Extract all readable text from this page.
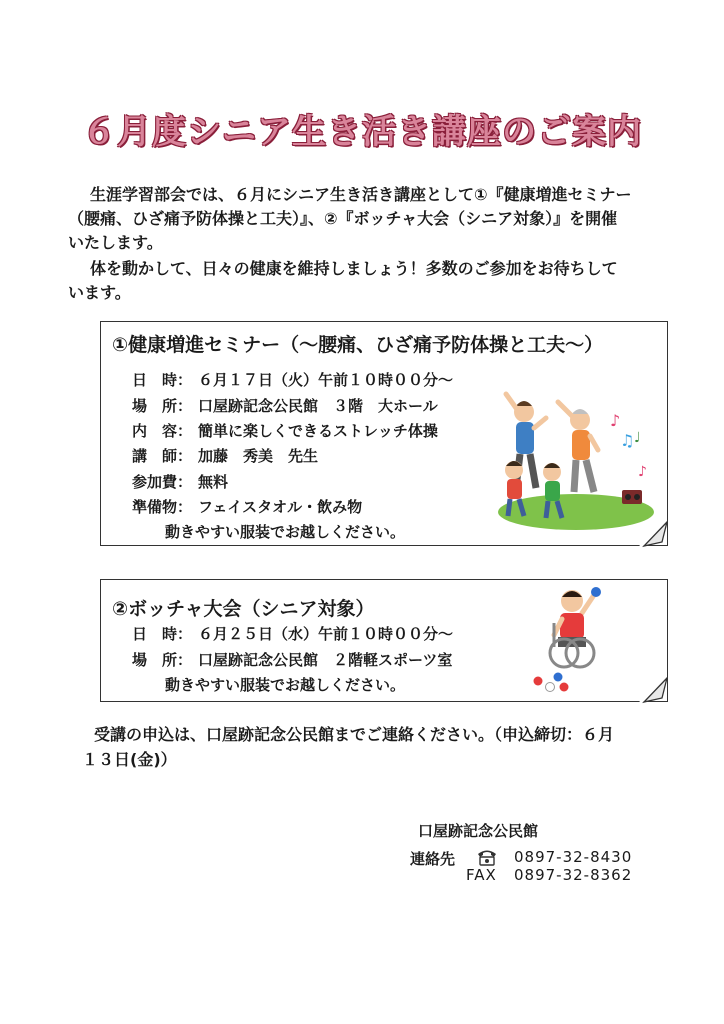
６月度シニア生き活き講座のご案内
生涯学習部会では、６月にシニア生き活き講座として①『健康増進セミナー
（腰痛、ひざ痛予防体操と工夫）』、②『ボッチャ大会（シニア対象）』を開催
いたします。
体を動かして、日々の健康を維持しましょう！多数のご参加をお待ちして
います。
①健康増進セミナー（～腰痛、ひざ痛予防体操と工夫～）
日　時： ６月１７日（火）午前１０時００分～
場　所： 口屋跡記念公民館　３階　大ホール
内　容： 簡単に楽しくできるストレッチ体操
講　師： 加藤　秀美　先生
参加費： 無料
準備物： フェイスタオル・飲み物
動きやすい服装でお越しください。
♪
♫
♪
♩
②ボッチャ大会（シニア対象）
日　時： ６月２５日（水）午前１０時００分～
場　所： 口屋跡記念公民館　２階軽スポーツ室
動きやすい服装でお越しください。
受講の申込は、口屋跡記念公民館までご連絡ください。（申込締切：６月
１３日(金)）
口屋跡記念公民館
連絡先	0897-32-8430
FAX 0897-32-8362
